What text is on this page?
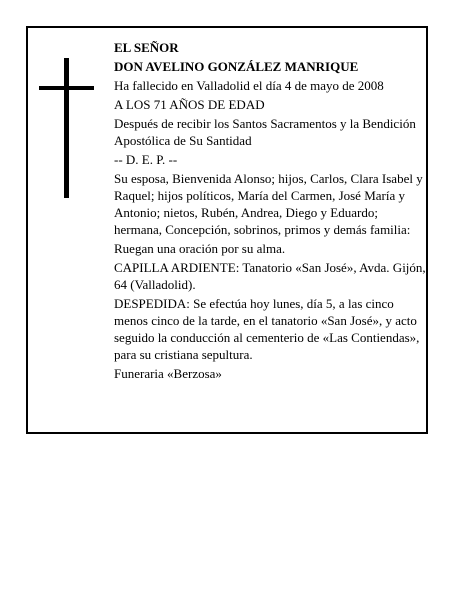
EL SEÑOR

DON AVELINO GONZÁLEZ MANRIQUE

Ha fallecido en Valladolid el día 4 de mayo de 2008

A LOS 71 AÑOS DE EDAD

Después de recibir los Santos Sacramentos y la Bendición Apostólica de Su Santidad

-- D. E. P. --

Su esposa, Bienvenida Alonso; hijos, Carlos, Clara Isabel y Raquel; hijos políticos, María del Carmen, José María y Antonio; nietos, Rubén, Andrea, Diego y Eduardo; hermana, Concepción, sobrinos, primos y demás familia:

Ruegan una oración por su alma.

CAPILLA ARDIENTE: Tanatorio «San José», Avda. Gijón, 64 (Valladolid).

DESPEDIDA: Se efectúa hoy lunes, día 5, a las cinco menos cinco de la tarde, en el tanatorio «San José», y acto seguido la conducción al cementerio de «Las Contiendas», para su cristiana sepultura.

Funeraria «Berzosa»
